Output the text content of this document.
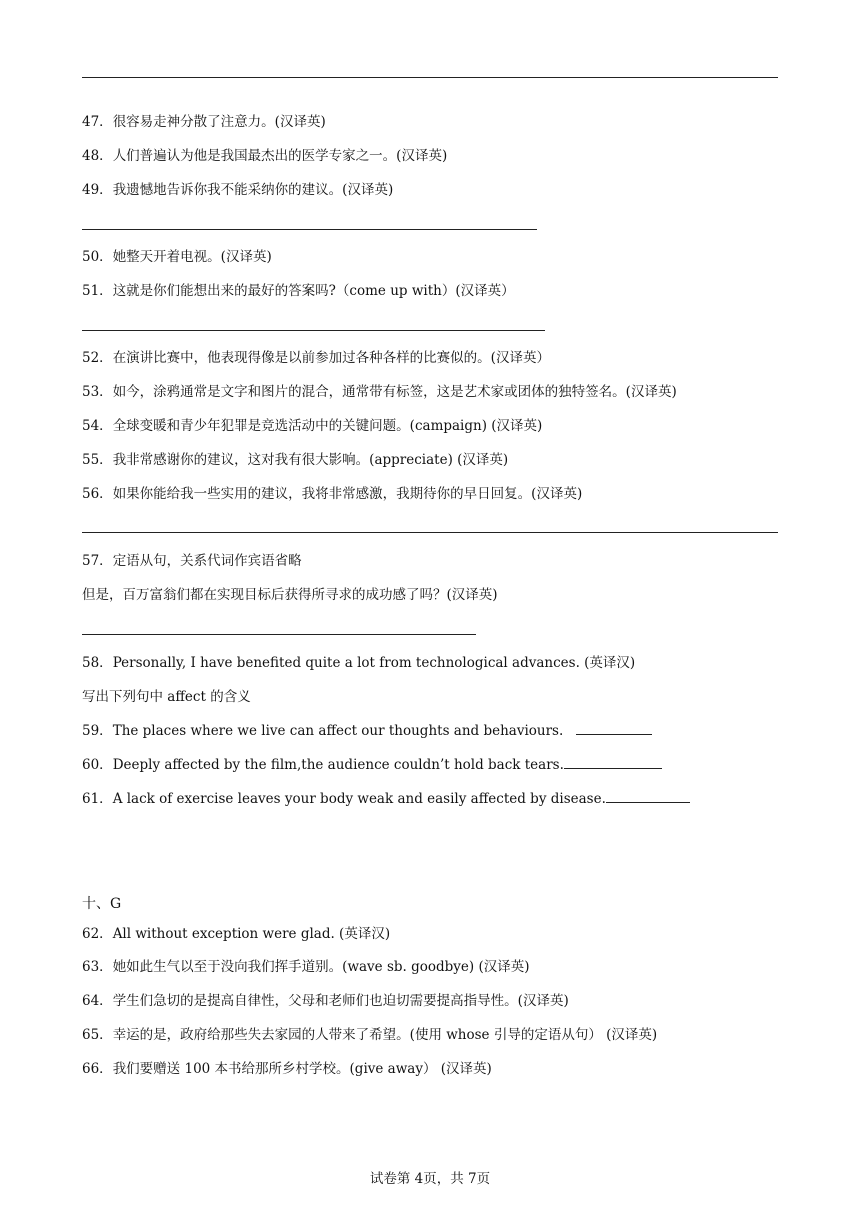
47．很容易走神分散了注意力。(汉译英)
48．人们普遍认为他是我国最杰出的医学专家之一。(汉译英)
49．我遗憾地告诉你我不能采纳你的建议。(汉译英)
50．她整天开着电视。(汉译英)
51．这就是你们能想出来的最好的答案吗?（come up with）(汉译英）
52．在演讲比赛中，他表现得像是以前参加过各种各样的比赛似的。(汉译英）
53．如今，涂鸦通常是文字和图片的混合，通常带有标签，这是艺术家或团体的独特签名。(汉译英)
54．全球变暖和青少年犯罪是竞选活动中的关键问题。(campaign) (汉译英)
55．我非常感谢你的建议，这对我有很大影响。(appreciate) (汉译英)
56．如果你能给我一些实用的建议，我将非常感激，我期待你的早日回复。(汉译英)
57．定语从句，关系代词作宾语省略
但是，百万富翁们都在实现目标后获得所寻求的成功感了吗？(汉译英)
58．Personally, I have benefited quite a lot from technological advances. (英译汉)
写出下列句中 affect 的含义
59．The places where we live can affect our thoughts and behaviours.
60．Deeply affected by the film,the audience couldn’t hold back tears.
61．A lack of exercise leaves your body weak and easily affected by disease.
十、G
62．All without exception were glad. (英译汉)
63．她如此生气以至于没向我们挥手道别。(wave sb. goodbye) (汉译英)
64．学生们急切的是提高自律性，父母和老师们也迫切需要提高指导性。(汉译英)
65．幸运的是，政府给那些失去家园的人带来了希望。(使用 whose 引导的定语从句） (汉译英)
66．我们要赠送 100 本书给那所乡村学校。(give away） (汉译英)
试卷第 4页，共 7页
